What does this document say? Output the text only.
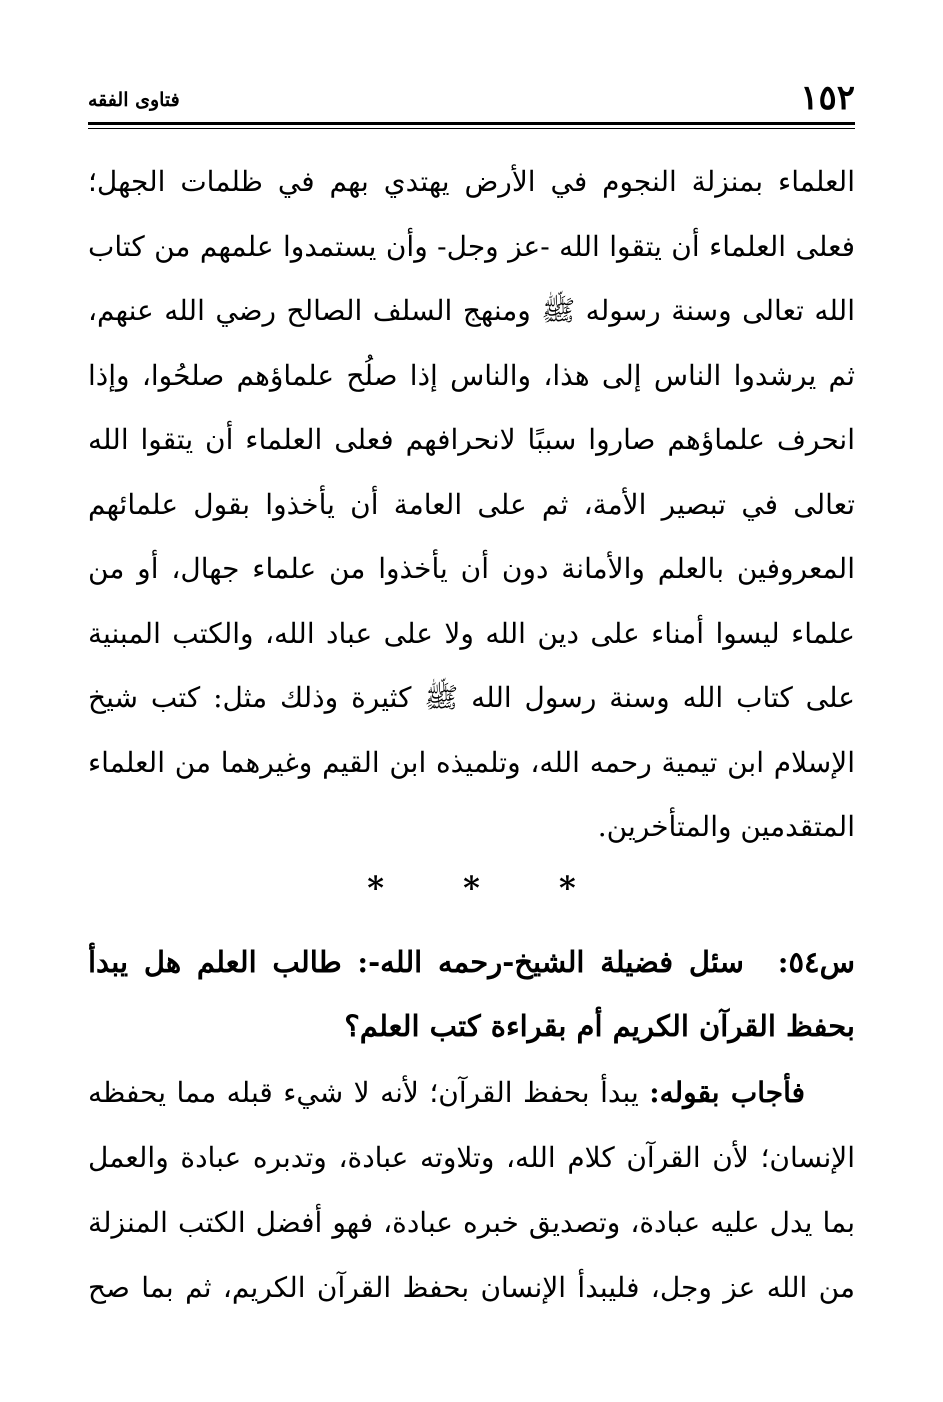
١٥٢
فتاوى الفقه

العلماء بمنزلة النجوم في الأرض يهتدي بهم في ظلمات الجهل؛ فعلى العلماء أن يتقوا الله -عز وجل- وأن يستمدوا علمهم من كتاب الله تعالى وسنة رسوله ﷺ ومنهج السلف الصالح رضي الله عنهم، ثم يرشدوا الناس إلى هذا، والناس إذا صلُح علماؤهم صلحُوا، وإذا انحرف علماؤهم صاروا سببًا لانحرافهم فعلى العلماء أن يتقوا الله تعالى في تبصير الأمة، ثم على العامة أن يأخذوا بقول علمائهم المعروفين بالعلم والأمانة دون أن يأخذوا من علماء جهال، أو من علماء ليسوا أمناء على دين الله ولا على عباد الله، والكتب المبنية على كتاب الله وسنة رسول الله ﷺ كثيرة وذلك مثل: كتب شيخ الإسلام ابن تيمية رحمه الله، وتلميذه ابن القيم وغيرهما من العلماء المتقدمين والمتأخرين.

* * *
س٥٤: سئل فضيلة الشيخ-رحمه الله-: طالب العلم هل يبدأ بحفظ القرآن الكريم أم بقراءة كتب العلم؟
فأجاب بقوله: يبدأ بحفظ القرآن؛ لأنه لا شيء قبله مما يحفظه الإنسان؛ لأن القرآن كلام الله، وتلاوته عبادة، وتدبره عبادة والعمل بما يدل عليه عبادة، وتصديق خبره عبادة، فهو أفضل الكتب المنزلة من الله عز وجل، فليبدأ الإنسان بحفظ القرآن الكريم، ثم بما صح
